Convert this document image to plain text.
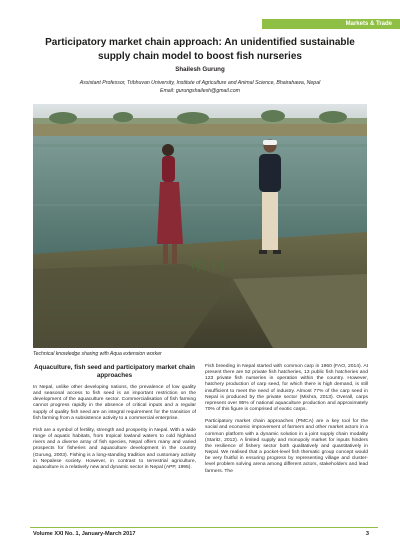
Markets & Trade
Participatory market chain approach: An unidentified sustainable supply chain model to boost fish nurseries
Shailesh Gurung
Assistant Professor, Tribhuvan University, Institute of Agriculture and Animal Science, Bhairahawa, Nepal
Email: gurungshailesh@gmail.com
Technical knowledge sharing with Aqua extension worker
Aquaculture, fish seed and participatory market chain approaches

In Nepal, unlike other developing nations, the prevalence of low quality and seasonal access to fish seed is an important restriction on the development of the aquaculture sector. Commercialisation of fish farming cannot progress rapidly in the absence of critical inputs and a regular supply of quality fish seed are an integral requirement for the transition of fish farming from a subsistence activity to a commercial enterprise.

Fish are a symbol of fertility, strength and prosperity in Nepal. With a wide range of aquatic habitats, from tropical lowland waters to cold highland rivers and a diverse array of fish species, Nepal offers many and varied prospects for fisheries and aquaculture development in the country (Gurung, 2003). Fishing is a long-standing tradition and customary activity in Nepalese society. However, in contrast to terrestrial agriculture, aquaculture is a relatively new and dynamic sector in Nepal (APP, 1995).

Fish breeding in Nepal started with common carp in 1960 (FAO, 2014). At present there are 52 private fish hatcheries, 13 public fish hatcheries and 123 private fish nurseries in operation within the country. However, hatchery production of carp seed, for which there is high demand, is still insufficient to meet the need of industry. Almost 77% of the carp seed in Nepal is produced by the private sector (Mishra, 2013). Overall, carps represent over 95% of national aquaculture production and approximately 70% of this figure is comprised of exotic carps.

Participatory market chain approaches (PMCA) are a key tool for the social and economic improvement of farmers and other market actors in a common platform with a dynamic solution in a joint supply chain modality (Staritz, 2012). A limited supply and monopoly market for inputs hinders the resilience of fishery sector both qualitatively and quantitatively in Nepal. We realised that a pocket-level fish thematic group concept would be very fruitful in ensuring progress by representing village and cluster-level problem solving arena among different actors, stakeholders and lead farmers. The

Volume XXI No. 1, January-March 2017	3
